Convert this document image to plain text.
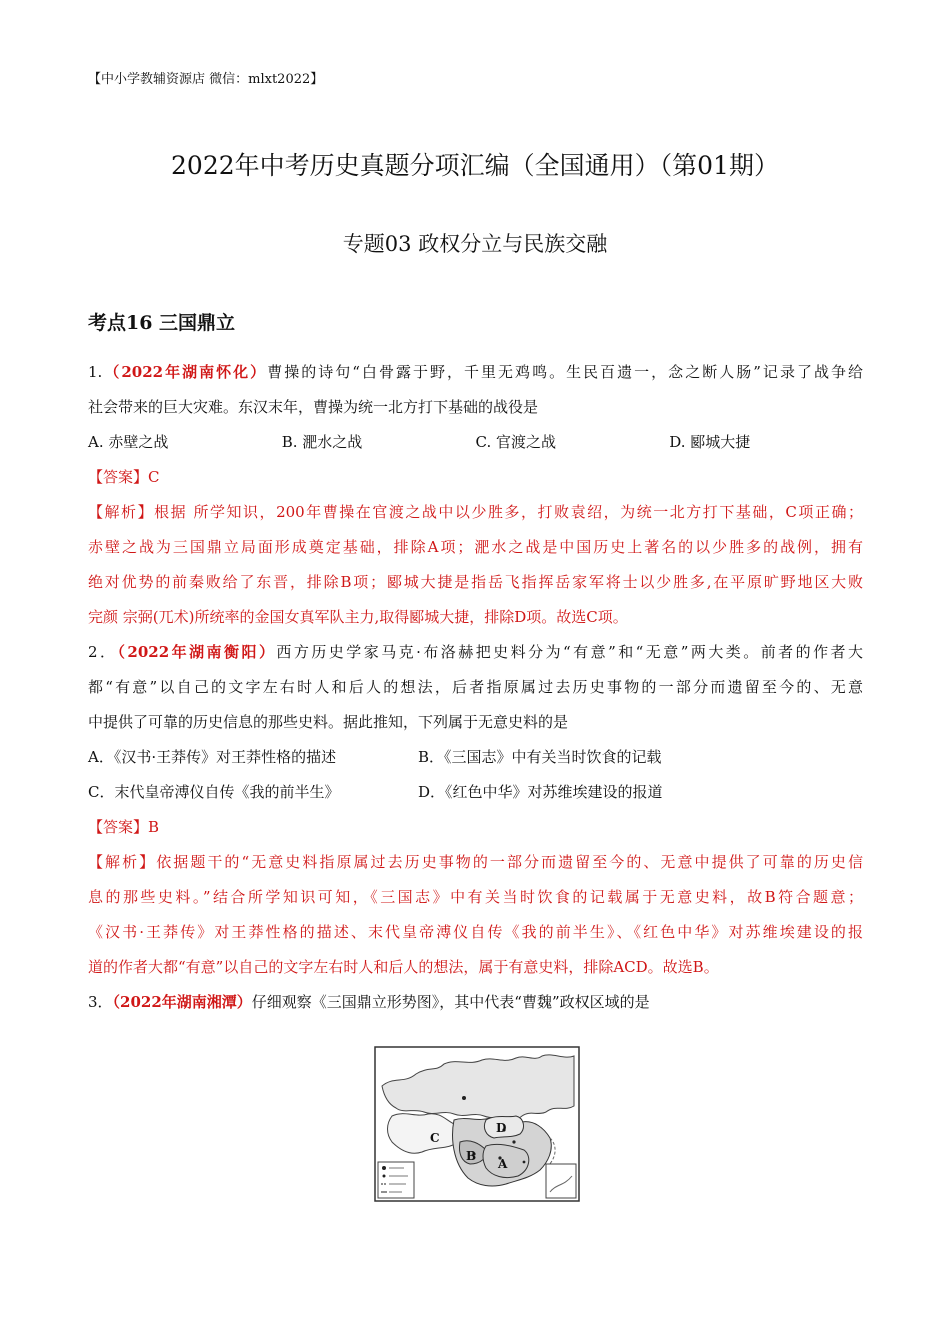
【中小学教辅资源店 微信：mlxt2022】
2022年中考历史真题分项汇编（全国通用）（第01期）
专题03 政权分立与民族交融
考点16 三国鼎立
1.（2022年湖南怀化）曹操的诗句“白骨露于野，千里无鸡鸣。生民百遗一，念之断人肠”记录了战争给
社会带来的巨大灾难。东汉末年，曹操为统一北方打下基础的战役是
A. 赤壁之战	B. 淝水之战	C. 官渡之战	D. 郾城大捷
【答案】C
【解析】根据 所学知识，200年曹操在官渡之战中以少胜多，打败袁绍，为统一北方打下基础，C项正确；
赤壁之战为三国鼎立局面形成奠定基础，排除A项；淝水之战是中国历史上著名的以少胜多的战例，拥有
绝对优势的前秦败给了东晋，排除B项；郾城大捷是指岳飞指挥岳家军将士以少胜多,在平原旷野地区大败
完颜 宗弼(兀术)所统率的金国女真军队主力,取得郾城大捷，排除D项。故选C项。
2．（2022年湖南衡阳）西方历史学家马克·布洛赫把史料分为“有意”和“无意”两大类。前者的作者大
都“有意”以自己的文字左右时人和后人的想法，后者指原属过去历史事物的一部分而遗留至今的、无意
中提供了可靠的历史信息的那些史料。据此推知，下列属于无意史料的是
A．《汉书·王莽传》对王莽性格的描述	B．《三国志》中有关当时饮食的记载
C．末代皇帝溥仪自传《我的前半生》	D．《红色中华》对苏维埃建设的报道
【答案】B
【解析】依据题干的“无意史料指原属过去历史事物的一部分而遗留至今的、无意中提供了可靠的历史信
息的那些史料。”结合所学知识可知，《三国志》中有关当时饮食的记载属于无意史料，故B符合题意；
《汉书·王莽传》对王莽性格的描述、末代皇帝溥仪自传《我的前半生》、《红色中华》对苏维埃建设的报
道的作者大都“有意”以自己的文字左右时人和后人的想法，属于有意史料，排除ACD。故选B。
3．（2022年湖南湘潭）仔细观察《三国鼎立形势图》，其中代表“曹魏”政权区域的是
C
D
B
A
